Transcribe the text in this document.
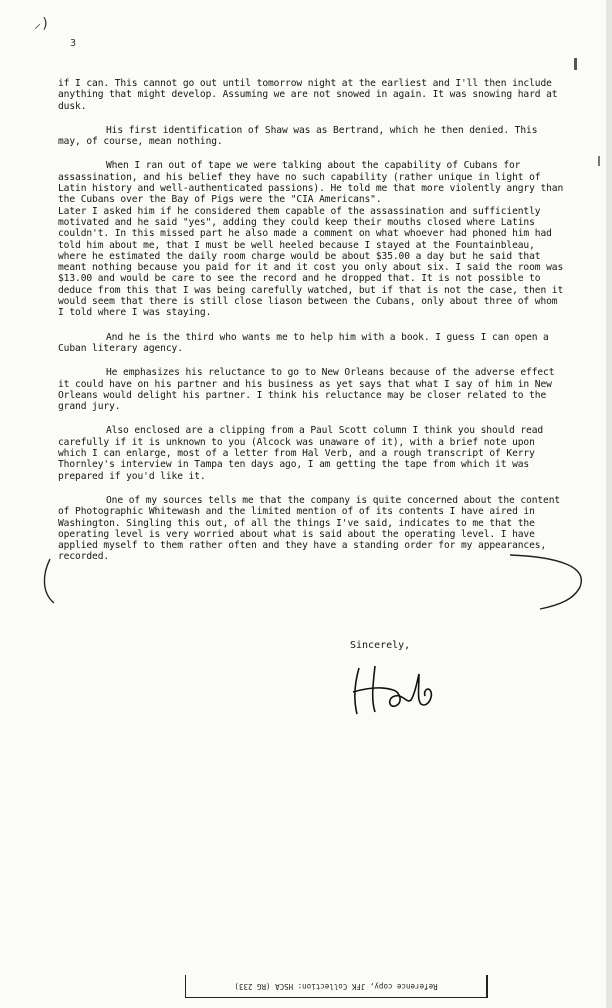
⸝)
3

if I can. This cannot go out until tomorrow night at the earliest and I'll then include anything that might develop. Assuming we are not snowed in again. It was snowing hard at dusk.

His first identification of Shaw was as Bertrand, which he then denied. This may, of course, mean nothing.

When I ran out of tape we were talking about the capability of Cubans for assassination, and his belief they have no such capability (rather unique in light of Latin history and well-authenticated passions). He told me that more violently angry than the Cubans over the Bay of Pigs were the "CIA Americans".

Later I asked him if he considered them capable of the assassination and sufficiently motivated and he said "yes", adding they could keep their mouths closed where Latins couldn't. In this missed part he also made a comment on what whoever had phoned him had told him about me, that I must be well heeled because I stayed at the Fountainbleau, where he estimated the daily room charge would be about $35.00 a day but he said that meant nothing because you paid for it and it cost you only about six. I said the room was $13.00 and would be care to see the record and he dropped that. It is not possible to deduce from this that I was being carefully watched, but if that is not the case, then it would seem that there is still close liason between the Cubans, only about three of whom I told where I was staying.

And he is the third who wants me to help him with a book. I guess I can open a Cuban literary agency.

He emphasizes his reluctance to go to New Orleans because of the adverse effect it could have on his partner and his business as yet says that what I say of him in New Orleans would delight his partner. I think his reluctance may be closer related to the grand jury.

Also enclosed are a clipping from a Paul Scott column I think you should read carefully if it is unknown to you (Alcock was unaware of it), with a brief note upon which I can enlarge, most of a letter from Hal Verb, and a rough transcript of Kerry Thornley's interview in Tampa ten days ago, I am getting the tape from which it was prepared if you'd like it.

One of my sources tells me that the company is quite concerned about the content of Photographic Whitewash and the limited mention of of its contents I have aired in Washington. Singling this out, of all the things I've said, indicates to me that the operating level is very worried about what is said about the operating level. I have applied myself to them rather often and they have a standing order for my appearances, recorded.

Sincerely,
Reference copy, JFK Collection: HSCA (RG 233)
